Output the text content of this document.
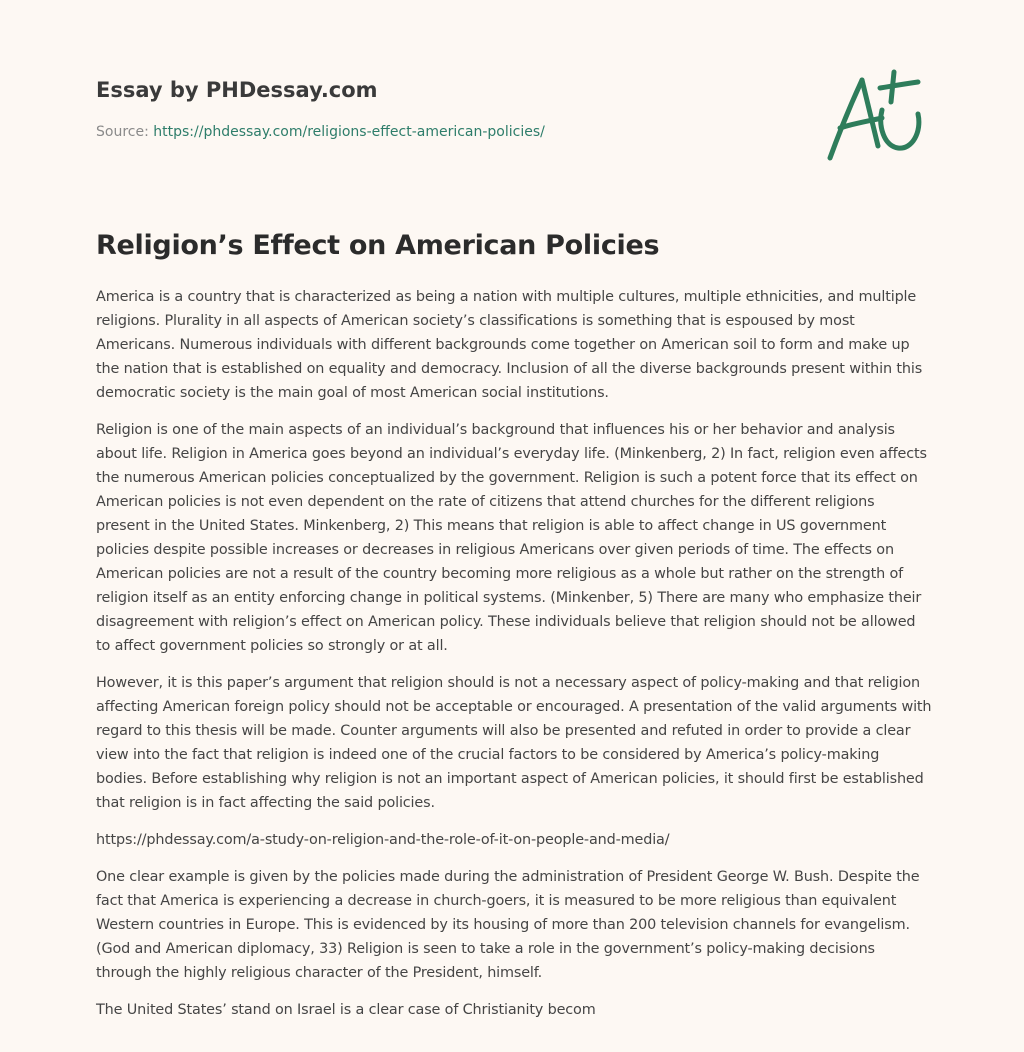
Essay by PHDessay.com
Source: https://phdessay.com/religions-effect-american-policies/
Religion’s Effect on American Policies

America is a country that is characterized as being a nation with multiple cultures, multiple ethnicities, and multiple religions. Plurality in all aspects of American society’s classifications is something that is espoused by most Americans. Numerous individuals with different backgrounds come together on American soil to form and make up the nation that is established on equality and democracy. Inclusion of all the diverse backgrounds present within this democratic society is the main goal of most American social institutions.

Religion is one of the main aspects of an individual’s background that influences his or her behavior and analysis about life. Religion in America goes beyond an individual’s everyday life. (Minkenberg, 2) In fact, religion even affects the numerous American policies conceptualized by the government. Religion is such a potent force that its effect on American policies is not even dependent on the rate of citizens that attend churches for the different religions present in the United States. Minkenberg, 2) This means that religion is able to affect change in US government policies despite possible increases or decreases in religious Americans over given periods of time. The effects on American policies are not a result of the country becoming more religious as a whole but rather on the strength of religion itself as an entity enforcing change in political systems. (Minkenber, 5) There are many who emphasize their disagreement with religion’s effect on American policy. These individuals believe that religion should not be allowed to affect government policies so strongly or at all.

However, it is this paper’s argument that religion should is not a necessary aspect of policy-making and that religion affecting American foreign policy should not be acceptable or encouraged. A presentation of the valid arguments with regard to this thesis will be made. Counter arguments will also be presented and refuted in order to provide a clear view into the fact that religion is indeed one of the crucial factors to be considered by America’s policy-making bodies. Before establishing why religion is not an important aspect of American policies, it should first be established that religion is in fact affecting the said policies.

https://phdessay.com/a-study-on-religion-and-the-role-of-it-on-people-and-media/

One clear example is given by the policies made during the administration of President George W. Bush. Despite the fact that America is experiencing a decrease in church-goers, it is measured to be more religious than equivalent Western countries in Europe. This is evidenced by its housing of more than 200 television channels for evangelism. (God and American diplomacy, 33) Religion is seen to take a role in the government’s policy-making decisions through the highly religious character of the President, himself.

The United States’ stand on Israel is a clear case of Christianity becom
